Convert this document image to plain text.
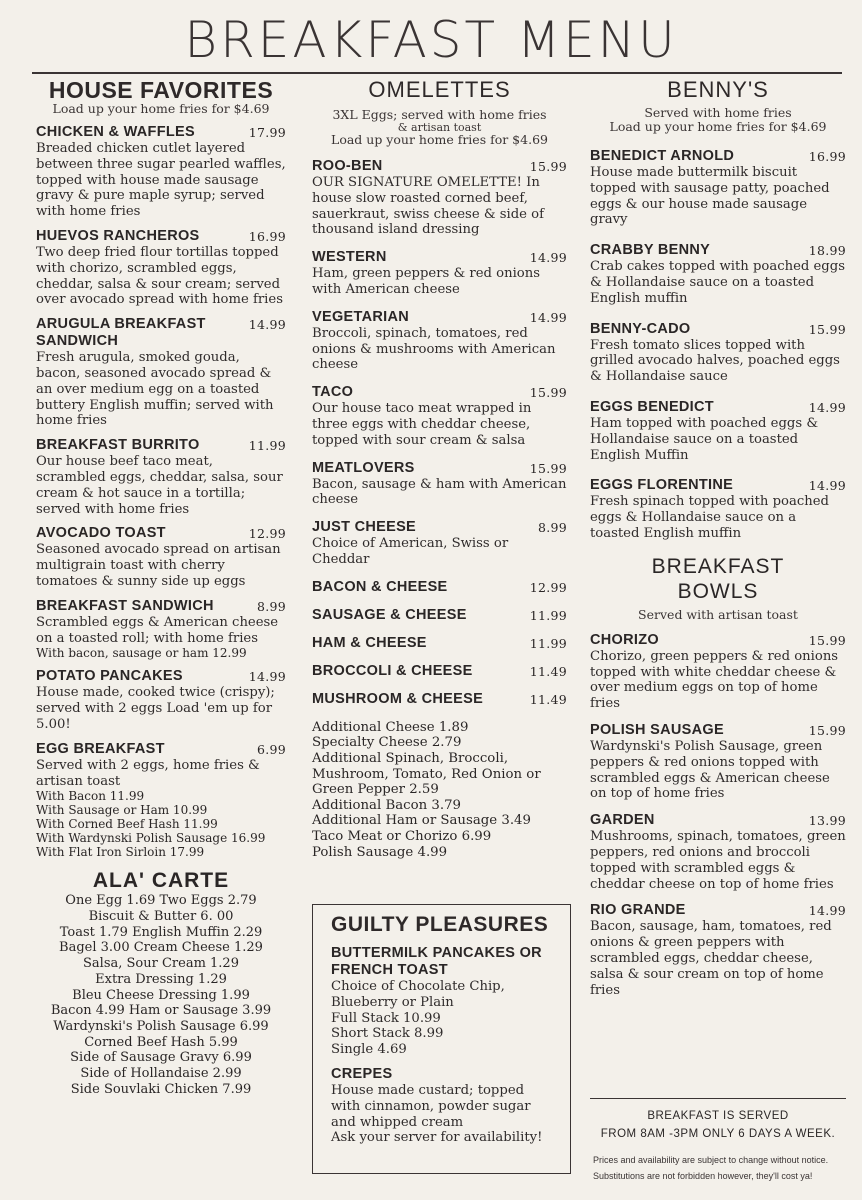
BREAKFAST MENU
HOUSE FAVORITES
Load up your home fries for $4.69
CHICKEN & WAFFLES	17.99
Breaded chicken cutlet layered between three sugar pearled waffles, topped with house made sausage gravy & pure maple syrup; served with home fries
HUEVOS RANCHEROS	16.99
Two deep fried flour tortillas topped with chorizo, scrambled eggs, cheddar, salsa & sour cream; served over avocado spread with home fries
ARUGULA BREAKFAST SANDWICH
14.99
Fresh arugula, smoked gouda, bacon, seasoned avocado spread & an over medium egg on a toasted buttery English muffin; served with home fries
BREAKFAST BURRITO	11.99
Our house beef taco meat, scrambled eggs, cheddar, salsa, sour cream & hot sauce in a tortilla; served with home fries
AVOCADO TOAST	12.99
Seasoned avocado spread on artisan multigrain toast with cherry tomatoes & sunny side up eggs
BREAKFAST SANDWICH	8.99
Scrambled eggs & American cheese on a toasted roll; with home fries
With bacon, sausage or ham 12.99
POTATO PANCAKES	14.99
House made, cooked twice (crispy); served with 2 eggs Load 'em up for 5.00!
EGG BREAKFAST	6.99
Served with 2 eggs, home fries & artisan toast
With Bacon 11.99
With Sausage or Ham 10.99
With Corned Beef Hash 11.99
With Wardynski Polish Sausage 16.99
With Flat Iron Sirloin 17.99
ALA' CARTE
One Egg 1.69 Two Eggs 2.79
Biscuit & Butter 6. 00
Toast 1.79 English Muffin 2.29
Bagel 3.00 Cream Cheese 1.29
Salsa, Sour Cream 1.29
Extra Dressing 1.29
Bleu Cheese Dressing 1.99
Bacon 4.99 Ham or Sausage 3.99
Wardynski's Polish Sausage 6.99
Corned Beef Hash 5.99
Side of Sausage Gravy 6.99
Side of Hollandaise 2.99
Side Souvlaki Chicken 7.99
OMELETTES
3XL Eggs; served with home fries
& artisan toast
Load up your home fries for $4.69
ROO-BEN	15.99
OUR SIGNATURE OMELETTE! In house slow roasted corned beef, sauerkraut, swiss cheese & side of thousand island dressing
WESTERN	14.99
Ham, green peppers & red onions with American cheese
VEGETARIAN	14.99
Broccoli, spinach, tomatoes, red onions & mushrooms with American cheese
TACO	15.99
Our house taco meat wrapped in three eggs with cheddar cheese, topped with sour cream & salsa
MEATLOVERS	15.99
Bacon, sausage & ham with American cheese
JUST CHEESE	8.99
Choice of American, Swiss or Cheddar
BACON & CHEESE	12.99
SAUSAGE & CHEESE	11.99
HAM & CHEESE	11.99
BROCCOLI & CHEESE	11.49
MUSHROOM & CHEESE	11.49
Additional Cheese 1.89
Specialty Cheese 2.79
Additional Spinach, Broccoli, Mushroom, Tomato, Red Onion or Green Pepper 2.59
Additional Bacon 3.79
Additional Ham or Sausage 3.49
Taco Meat or Chorizo 6.99
Polish Sausage 4.99
GUILTY PLEASURES
BUTTERMILK PANCAKES OR FRENCH TOAST
Choice of Chocolate Chip, Blueberry or Plain
Full Stack 10.99
Short Stack 8.99
Single 4.69
CREPES
House made custard; topped with cinnamon, powder sugar and whipped cream
Ask your server for availability!
BENNY'S
Served with home fries
Load up your home fries for $4.69
BENEDICT ARNOLD	16.99
House made buttermilk biscuit topped with sausage patty, poached eggs & our house made sausage gravy
CRABBY BENNY	18.99
Crab cakes topped with poached eggs & Hollandaise sauce on a toasted English muffin
BENNY-CADO	15.99
Fresh tomato slices topped with grilled avocado halves, poached eggs & Hollandaise sauce
EGGS BENEDICT	14.99
Ham topped with poached eggs & Hollandaise sauce on a toasted English Muffin
EGGS FLORENTINE	14.99
Fresh spinach topped with poached eggs & Hollandaise sauce on a toasted English muffin
BREAKFAST
BOWLS
Served with artisan toast
CHORIZO	15.99
Chorizo, green peppers & red onions topped with white cheddar cheese & over medium eggs on top of home fries
POLISH SAUSAGE	15.99
Wardynski's Polish Sausage, green peppers & red onions topped with scrambled eggs & American cheese on top of home fries
GARDEN	13.99
Mushrooms, spinach, tomatoes, green peppers, red onions and broccoli topped with scrambled eggs & cheddar cheese on top of home fries
RIO GRANDE	14.99
Bacon, sausage, ham, tomatoes, red onions & green peppers with scrambled eggs, cheddar cheese, salsa & sour cream on top of home fries
BREAKFAST IS SERVED
FROM 8AM -3PM ONLY 6 DAYS A WEEK.
Prices and availability are subject to change without notice.
Substitutions are not forbidden however, they'll cost ya!
